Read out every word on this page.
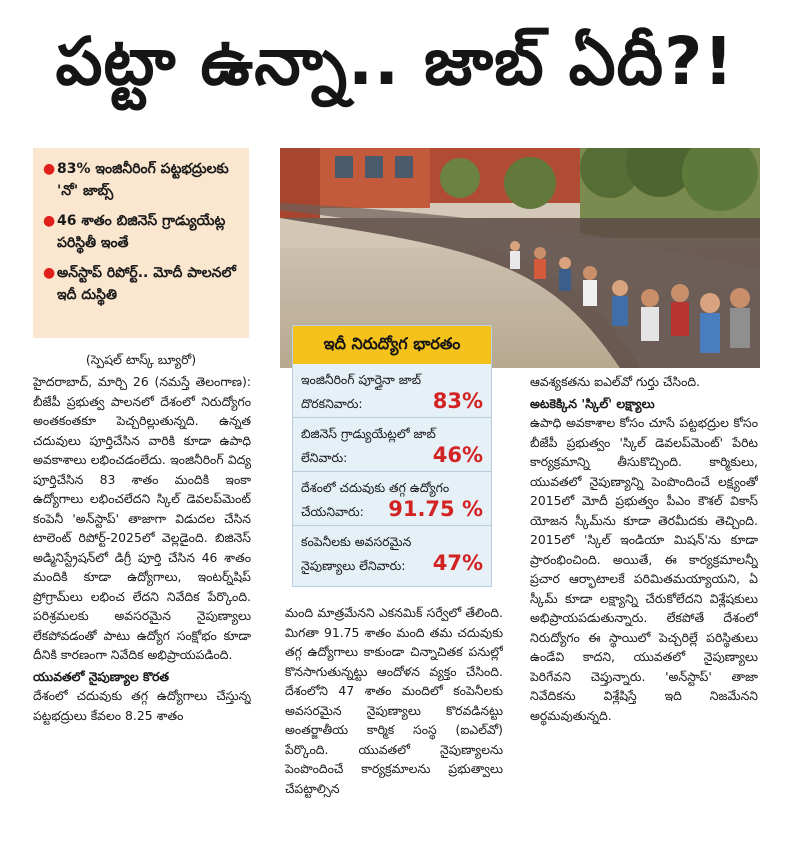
పట్టా ఉన్నా.. జాబ్ ఏదీ?!
● 83% ఇంజినీరింగ్ పట్టభద్రులకు 'నో' జాబ్స్
● 46 శాతం బిజినెస్ గ్రాడ్యుయేట్ల పరిస్థితీ ఇంతే
● అన్‌స్టాప్ రిపోర్ట్.. మోదీ పాలనలో ఇదీ దుస్థితి
(స్పెషల్ టాస్క్ బ్యూరో)

హైదరాబాద్, మార్చి 26 (నమస్తే తెలంగాణ): బీజేపీ ప్రభుత్వ పాలనలో దేశంలో నిరుద్యోగం అంతకంతకూ పెచ్చరిల్లుతున్నది. ఉన్నత చదువులు పూర్తిచేసిన వారికి కూడా ఉపాధి అవకాశాలు లభించడంలేదు. ఇంజినీరింగ్ విద్య పూర్తిచేసిన 83 శాతం మందికి ఇంకా ఉద్యోగాలు లభించలేదని స్కిల్ డెవలప్‌మెంట్ కంపెనీ 'అన్‌స్టాప్' తాజాగా విడుదల చేసిన టాలెంట్ రిపోర్ట్-2025లో వెల్లడైంది. బిజినెస్ అడ్మినిస్ట్రేషన్‌లో డిగ్రీ పూర్తి చేసిన 46 శాతం మందికి కూడా ఉద్యోగాలు, ఇంటర్న్‌షిప్ ప్రోగ్రామ్‌లు లభించ లేదని నివేదిక పేర్కొంది. పరిశ్రమలకు అవసరమైన నైపుణ్యాలు లేకపోవడంతో పాటు ఉద్యోగ సంక్షోభం కూడా దీనికి కారణంగా నివేదిక అభిప్రాయపడింది.

యువతలో నైపుణ్యాల కొరత

దేశంలో చదువుకు తగ్గ ఉద్యోగాలు చేస్తున్న పట్టభద్రులు కేవలం 8.25 శాతం

ఇదీ నిరుద్యోగ భారతం
ఇంజినీరింగ్ పూర్తైనా జాబ్
దొరకనివారు:	83%
బిజినెస్ గ్రాడ్యుయేట్లలో జాబ్
లేనివారు:	46%
దేశంలో చదువుకు తగ్గ ఉద్యోగం
చేయనివారు: 91.75 %
కంపెనీలకు అవసరమైన
నైపుణ్యాలు లేనివారు: 47%

మంది మాత్రమేనని ఎకనమిక్ సర్వేలో తేలింది. మిగతా 91.75 శాతం మంది తమ చదువుకు తగ్గ ఉద్యోగాలు కాకుండా చిన్నాచితక పనుల్లో కొనసాగుతున్నట్టు ఆందోళన వ్యక్తం చేసింది. దేశంలోని 47 శాతం మందిలో కంపెనీలకు అవసరమైన నైపుణ్యాలు కొరవడినట్టు అంతర్జాతీయ కార్మిక సంస్థ (ఐఎల్‌వో) పేర్కొంది. యువతలో నైపుణ్యాలను పెంపొందించే కార్యక్రమాలను ప్రభుత్వాలు చేపట్టాల్సిన

ఆవశ్యకతను ఐఎల్‌వో గుర్తు చేసింది.

అటకెక్కిన 'స్కిల్' లక్ష్యాలు

ఉపాధి అవకాశాల కోసం చూసే పట్టభద్రుల కోసం బీజేపీ ప్రభుత్వం 'స్కిల్ డెవలప్‌మెంట్' పేరిట కార్యక్రమాన్ని తీసుకొచ్చింది. కార్మికులు, యువతలో నైపుణ్యాన్ని పెంపొందించే లక్ష్యంతో 2015లో మోదీ ప్రభుత్వం పీఎం కౌశల్ వికాస్ యోజన స్కీమ్‌ను కూడా తెరమీదకు తెచ్చింది. 2015లో 'స్కిల్ ఇండియా మిషన్'ను కూడా ప్రారంభించింది. అయితే, ఈ కార్యక్రమాలన్నీ ప్రచార ఆర్భాటాలకే పరిమితమయ్యాయని, ఏ స్కీమ్ కూడా లక్ష్యాన్ని చేరుకోలేదని విశ్లేషకులు అభిప్రాయపడుతున్నారు. లేకపోతే దేశంలో నిరుద్యోగం ఈ స్థాయిలో పెచ్చరిల్లే పరిస్థితులు ఉండేవి కాదని, యువతలో నైపుణ్యాలు పెరిగేవని చెప్తున్నారు. 'అన్‌స్టాప్' తాజా నివేదికను విశ్లేషిస్తే ఇది నిజమేనని అర్థమవుతున్నది.
